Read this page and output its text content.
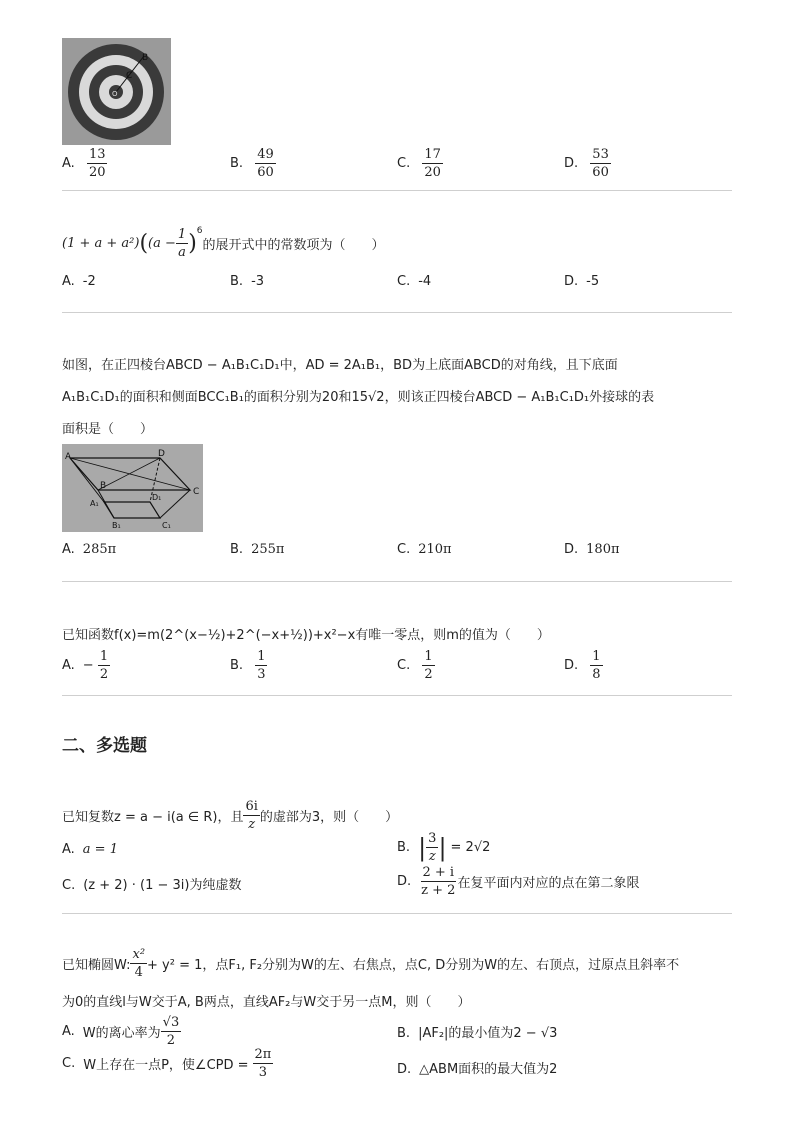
B
C
O
A. $\frac{13}{20}$	B. $\frac{49}{60}$	C. $\frac{17}{20}$	D. $\frac{53}{60}$
(1 + a + a²) ( $(a - \frac{1}{a} )^6$
的展开式中的常数项为（　　）
A. -2	B. -3	C. -4	D. -5
如图，在正四棱台ABCD − A₁B₁C₁D₁中，AD = 2A₁B₁，BD为上底面ABCD的对角线，且下底面
A₁B₁C₁D₁的面积和侧面BCC₁B₁的面积分别为20和15√2，则该正四棱台ABCD − A₁B₁C₁D₁外接球的表
面积是（　　）
A	D
B
C
A₁
D₁
B₁	C₁
A. 285π	B. 255π	C. 210π	D. 180π
已知函数f(x)=m(2^(x−½)+2^(−x+½))+x²−x有唯一零点，则m的值为（　　）
A. − $\frac{1}{2}$	B. $\frac{1}{3}$	C. $\frac{1}{2}$	D. $\frac{1}{8}$
二、多选题
已知复数z = a − i(a ∈ R)，且 $\frac{6i}{z}$ 的虚部为3，则（　　）
A. a = 1	B. | $\frac{3}{z}$ | = 2√2
C. (z + 2) · (1 − 3i)为纯虚数	D. $\frac{2 + i}{z + 2}$ 在复平面内对应的点在第二象限
已知椭圆W: $\frac{\text{x²}}{4} + y^2 = 1$，点F₁, F₂分别为W的左、右焦点，点C, D分别为W的左、右顶点，过原点且斜率不
为0的直线l与W交于A, B两点，直线AF₂与W交于另一点M，则（　　）
A. W的离心率为 $\frac{√3}{2}$	B. |AF₂|的最小值为2 − √3
C. W上存在一点P，使∠CPD = $\frac{2\pi}{3}$	D. △ABM面积的最大值为2
